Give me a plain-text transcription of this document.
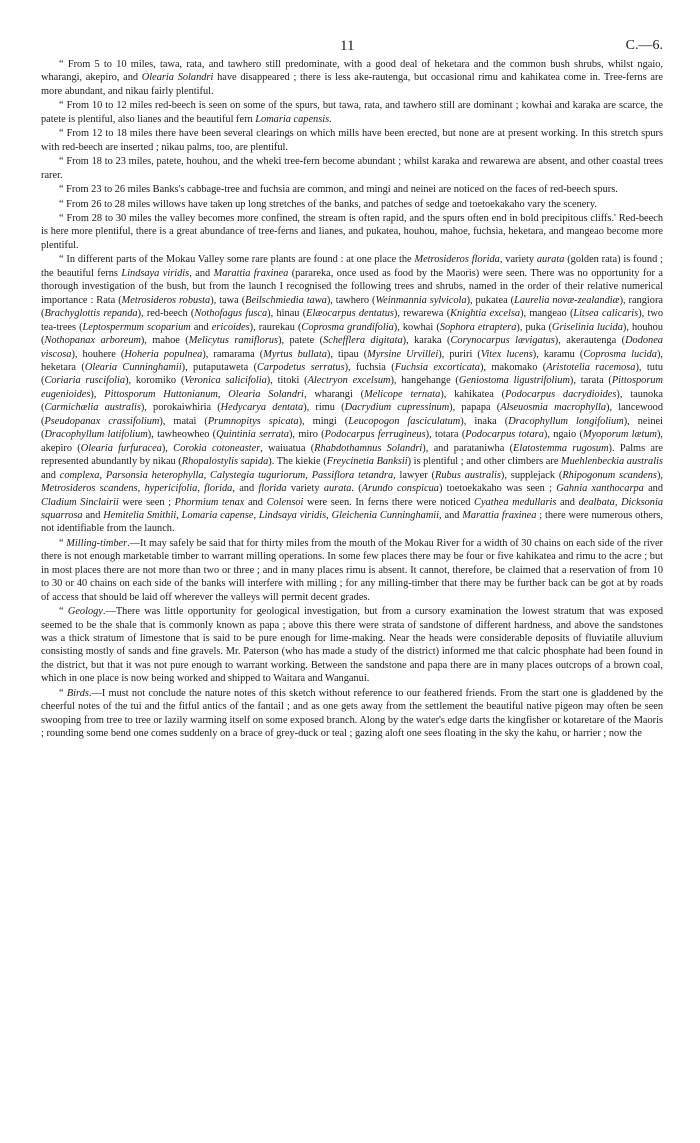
11	C.—6.

“ From 5 to 10 miles, tawa, rata, and tawhero still predominate, with a good deal of heketara and the common bush shrubs, whilst ngaio, wharangi, akepiro, and Olearia Solandri have disappeared ; there is less ake-rautenga, but occasional rimu and kahikatea come in. Tree-ferns are more abundant, and nikau fairly plentiful.

“ From 10 to 12 miles red-beech is seen on some of the spurs, but tawa, rata, and tawhero still are dominant ; kowhai and karaka are scarce, the patete is plentiful, also lianes and the beautiful fern Lomaria capensis.

“ From 12 to 18 miles there have been several clearings on which mills have been erected, but none are at present working. In this stretch spurs with red-beech are inserted ; nikau palms, too, are plentiful.

“ From 18 to 23 miles, patete, houhou, and the wheki tree-fern become abundant ; whilst karaka and rewarewa are absent, and other coastal trees rarer.

“ From 23 to 26 miles Banks's cabbage-tree and fuchsia are common, and mingi and neinei are noticed on the faces of red-beech spurs.

“ From 26 to 28 miles willows have taken up long stretches of the banks, and patches of sedge and toetoekakaho vary the scenery.

“ From 28 to 30 miles the valley becomes more confined, the stream is often rapid, and the spurs often end in bold precipitous cliffs.' Red-beech is here more plentiful, there is a great abundance of tree-ferns and lianes, and pukatea, houhou, mahoe, fuchsia, heketara, and mangeao become more plentiful.

“ In different parts of the Mokau Valley some rare plants are found : at one place the Metrosideros florida, variety aurata (golden rata) is found ; the beautiful ferns Lindsaya viridis, and Marattia fraxinea (parareka, once used as food by the Maoris) were seen. There was no opportunity for a thorough investigation of the bush, but from the launch I recognised the following trees and shrubs, named in the order of their relative numerical importance : Rata (Metrosideros robusta), tawa (Beilschmiedia tawa), tawhero (Weinmannia sylvicola), pukatea (Laurelia novæ-zealandiæ), rangiora (Brachyglottis repanda), red-beech (Nothofagus fusca), hinau (Elæocarpus dentatus), rewarewa (Knightia excelsa), mangeao (Litsea calicaris), two tea-trees (Leptospermum scoparium and ericoides), raurekau (Coprosma grandifolia), kowhai (Sophora etraptera), puka (Griselinia lucida), houhou (Nothopanax arboreum), mahoe (Melicytus ramiflorus), patete (Schefflera digitata), karaka (Corynocarpus lævigatus), akerautenga (Dodonea viscosa), houhere (Hoheria populnea), ramarama (Myrtus bullata), tipau (Myrsine Urvillei), puriri (Vitex lucens), karamu (Coprosma lucida), heketara (Olearia Cunninghamii), putaputaweta (Carpodetus serratus), fuchsia (Fuchsia excorticata), makomako (Aristotelia racemosa), tutu (Coriaria ruscifolia), koromiko (Veronica salicifolia), titoki (Alectryon excelsum), hangehange (Geniostoma ligustrifolium), tarata (Pittosporum eugenioides), Pittosporum Huttonianum, Olearia Solandri, wharangi (Melicope ternata), kahikatea (Podocarpus dacrydioides), taunoka (Carmichælia australis), porokaiwhiria (Hedycarya dentata), rimu (Dacrydium cupressinum), papapa (Alseuosmia macrophylla), lancewood (Pseudopanax crassifolium), matai (Prumnopitys spicata), mingi (Leucopogon fasciculatum), inaka (Dracophyllum longifolium), neinei (Dracophyllum latifolium), tawheowheo (Quintinia serrata), miro (Podocarpus ferrugineus), totara (Podocarpus totara), ngaio (Myoporum lætum), akepiro (Olearia furfuracea), Corokia cotoneaster, waiuatua (Rhabdothamnus Solandri), and parataniwha (Elatostemma rugosum). Palms are represented abundantly by nikau (Rhopalostylis sapida). The kiekie (Freycinetia Banksii) is plentiful ; and other climbers are Muehlenbeckia australis and complexa, Parsonsia heterophylla, Calystegia tuguriorum, Passiflora tetandra, lawyer (Rubus australis), supplejack (Rhipogonum scandens), Metrosideros scandens, hypericifolia, florida, and florida variety aurata. (Arundo conspicua) toetoekakaho was seen ; Gahnia xanthocarpa and Cladium Sinclairii were seen ; Phormium tenax and Colensoi were seen. In ferns there were noticed Cyathea medullaris and dealbata, Dicksonia squarrosa and Hemitelia Smithii, Lomaria capense, Lindsaya viridis, Gleichenia Cunninghamii, and Marattia fraxinea ; there were numerous others, not identifiable from the launch.

“ Milling-timber.—It may safely be said that for thirty miles from the mouth of the Mokau River for a width of 30 chains on each side of the river there is not enough marketable timber to warrant milling operations. In some few places there may be four or five kahikatea and rimu to the acre ; but in most places there are not more than two or three ; and in many places rimu is absent. It cannot, therefore, be claimed that a reservation of from 10 to 30 or 40 chains on each side of the banks will interfere with milling ; for any milling-timber that there may be further back can be got at by roads of access that should be laid off wherever the valleys will permit decent grades.

“ Geology.—There was little opportunity for geological investigation, but from a cursory examination the lowest stratum that was exposed seemed to be the shale that is commonly known as papa ; above this there were strata of sandstone of different hardness, and above the sandstones was a thick stratum of limestone that is said to be pure enough for lime-making. Near the heads were considerable deposits of fluviatile alluvium consisting mostly of sands and fine gravels. Mr. Paterson (who has made a study of the district) informed me that calcic phosphate had been found in the district, but that it was not pure enough to warrant working. Between the sandstone and papa there are in many places outcrops of a brown coal, which in one place is now being worked and shipped to Waitara and Wanganui.

“ Birds.—I must not conclude the nature notes of this sketch without reference to our feathered friends. From the start one is gladdened by the cheerful notes of the tui and the fitful antics of the fantail ; and as one gets away from the settlement the beautiful native pigeon may often be seen swooping from tree to tree or lazily warming itself on some exposed branch. Along by the water's edge darts the kingfisher or kotaretare of the Maoris ; rounding some bend one comes suddenly on a brace of grey-duck or teal ; gazing aloft one sees floating in the sky the kahu, or harrier ; now the
